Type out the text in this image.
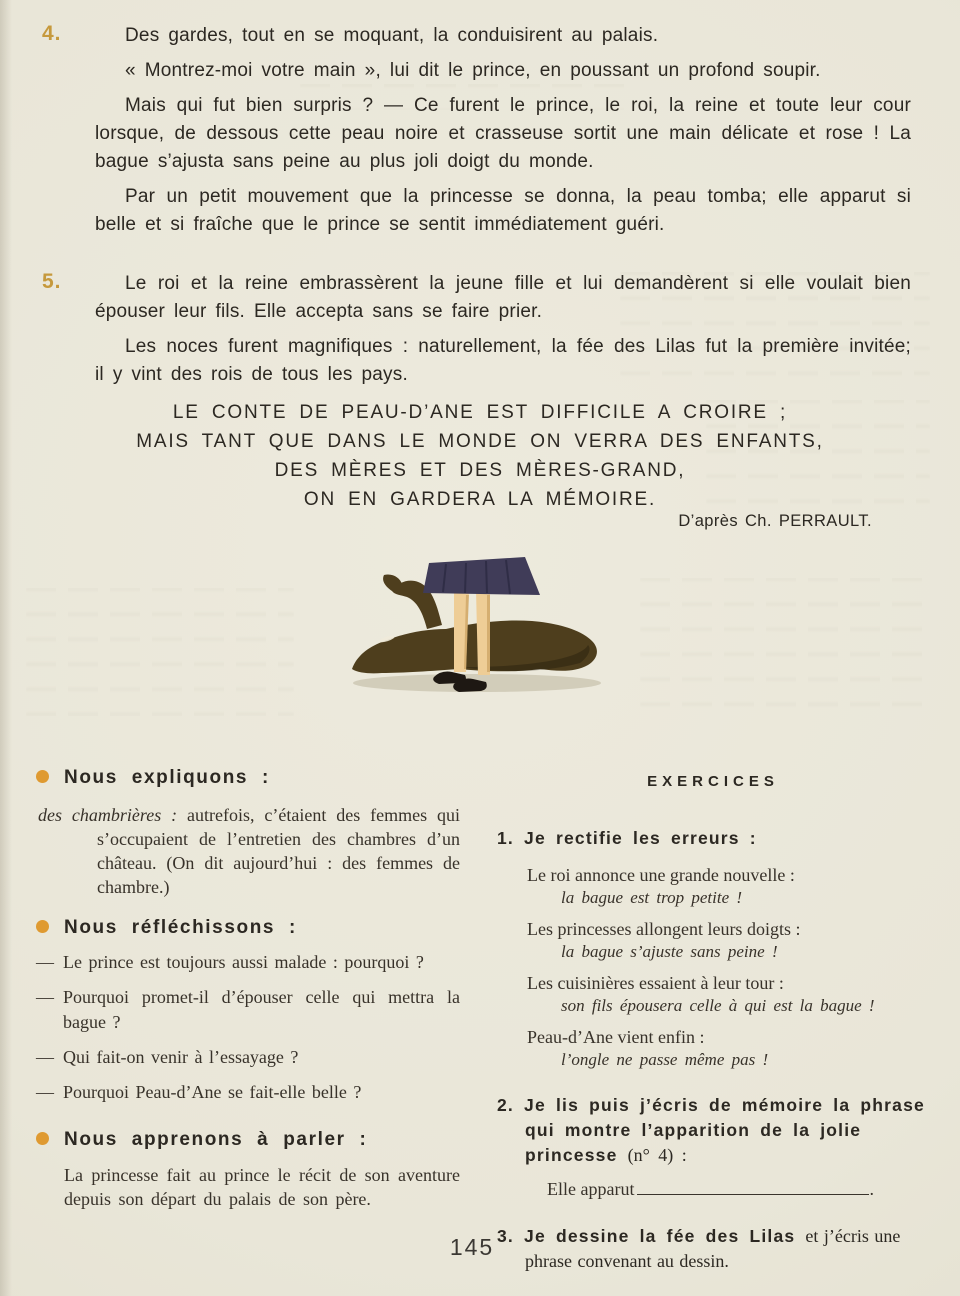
4.	Des gardes, tout en se moquant, la conduisirent au palais.

« Montrez-moi votre main », lui dit le prince, en poussant un profond soupir.

Mais qui fut bien surpris ? — Ce furent le prince, le roi, la reine et toute leur cour lorsque, de dessous cette peau noire et crasseuse sortit une main délicate et rose ! La bague s’ajusta sans peine au plus joli doigt du monde.

Par un petit mouvement que la princesse se donna, la peau tomba; elle apparut si belle et si fraîche que le prince se sentit immédiatement guéri.

5.	Le roi et la reine embrassèrent la jeune fille et lui demandèrent si elle voulait bien épouser leur fils. Elle accepta sans se faire prier.

Les noces furent magnifiques : naturellement, la fée des Lilas fut la première invitée; il y vint des rois de tous les pays.

LE CONTE DE PEAU-D’ANE EST DIFFICILE A CROIRE ;
MAIS TANT QUE DANS LE MONDE ON VERRA DES ENFANTS,
DES MÈRES ET DES MÈRES-GRAND,
ON EN GARDERA LA MÉMOIRE.
D’après Ch. PERRAULT.
Nous expliquons :
des chambrières : autrefois, c’étaient des femmes qui s’occupaient de l’entretien des chambres d’un château. (On dit aujourd’hui : des femmes de chambre.)
Nous réfléchissons :
— Le prince est toujours aussi malade : pourquoi ?
— Pourquoi promet-il d’épouser celle qui mettra la bague ?
— Qui fait-on venir à l’essayage ?
— Pourquoi Peau-d’Ane se fait-elle belle ?
Nous apprenons à parler :
La princesse fait au prince le récit de son aventure depuis son départ du palais de son père.
EXERCICES
1. Je rectifie les erreurs :
Le roi annonce une grande nouvelle :
la bague est trop petite !
Les princesses allongent leurs doigts :
la bague s’ajuste sans peine !
Les cuisinières essaient à leur tour :
son fils épousera celle à qui est la bague !
Peau-d’Ane vient enfin :
l’ongle ne passe même pas !
2. Je lis puis j’écris de mémoire la phrase qui montre l’apparition de la jolie princesse (n° 4) :
Elle apparut	.
3. Je dessine la fée des Lilas et j’écris une phrase convenant au dessin.
145
